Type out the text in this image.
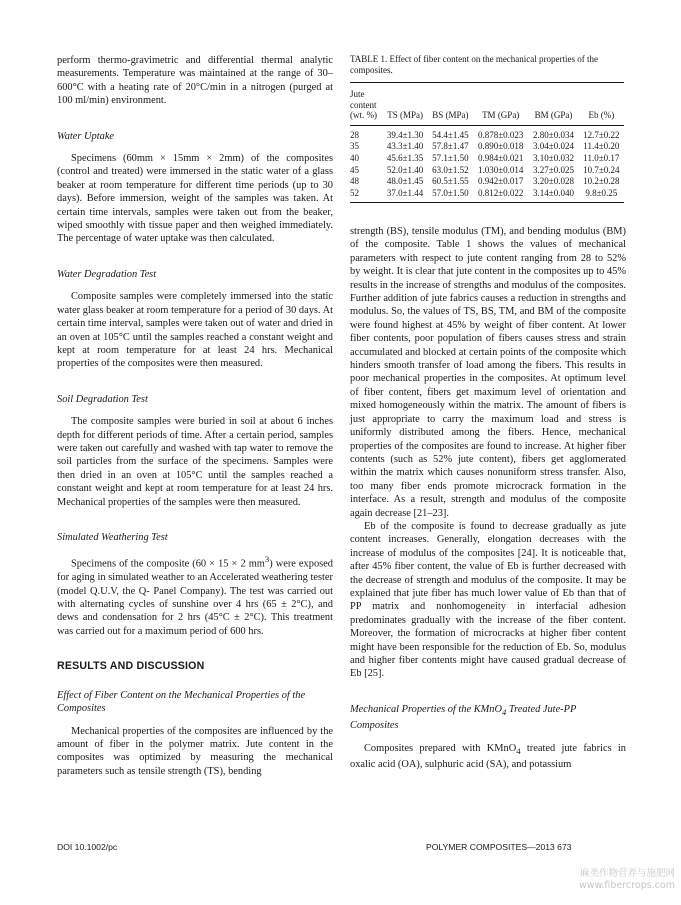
perform thermo-gravimetric and differential thermal analytic measurements. Temperature was maintained at the range of 30–600°C with a heating rate of 20°C/min in a nitrogen (purged at 100 ml/min) environment.

Water Uptake

Specimens (60mm × 15mm × 2mm) of the composites (control and treated) were immersed in the static water of a glass beaker at room temperature for different time periods (up to 30 days). Before immersion, weight of the samples was taken. At certain time intervals, samples were taken out from the beaker, wiped smoothly with tissue paper and then weighed immediately. The percentage of water uptake was then calculated.

Water Degradation Test

Composite samples were completely immersed into the static water glass beaker at room temperature for a period of 30 days. At certain time interval, samples were taken out of water and dried in an oven at 105°C until the samples reached a constant weight and kept at room temperature for at least 24 hrs. Mechanical properties of the composites were then measured.

Soil Degradation Test

The composite samples were buried in soil at about 6 inches depth for different periods of time. After a certain period, samples were taken out carefully and washed with tap water to remove the soil particles from the surface of the specimens. Samples were then dried in an oven at 105°C until the samples reached a constant weight and kept at room temperature for at least 24 hrs. Mechanical properties of the samples were then measured.

Simulated Weathering Test

Specimens of the composite (60 × 15 × 2 $mm^3$) were exposed for aging in simulated weather to an Accelerated weathering tester (model Q.U.V, the Q- Panel Company). The test was carried out with alternating cycles of sunshine over 4 hrs (65 ± 2°C), and dews and condensation for 2 hrs (45°C ± 2°C). This treatment was carried out for a maximum period of 600 hrs.

RESULTS AND DISCUSSION

Effect of Fiber Content on the Mechanical Properties of the Composites

Mechanical properties of the composites are influenced by the amount of fiber in the polymer matrix. Jute content in the composites was optimized by measuring the mechanical parameters such as tensile strength (TS), bending

TABLE 1. Effect of fiber content on the mechanical properties of the composites.

Jute
content
(wt. %)	TS (MPa)	BS (MPa)	TM (GPa)	BM (GPa)	Eb (%)
28	39.4±1.30	54.4±1.45	0.878±0.023	2.80±0.034	12.7±0.22
35	43.3±1.40	57.8±1.47	0.890±0.018	3.04±0.024	11.4±0.20
40	45.6±1.35	57.1±1.50	0.984±0.021	3.10±0.032	11.0±0.17
45	52.0±1.40	63.0±1.52	1.030±0.014	3.27±0.025	10.7±0.24
48	48.0±1.45	60.5±1.55	0.942±0.017	3.20±0.028	10.2±0.28
52	37.0±1.44	57.0±1.50	0.812±0.022	3.14±0.040	9.8±0.25

strength (BS), tensile modulus (TM), and bending modulus (BM) of the composite. Table 1 shows the values of mechanical parameters with respect to jute content ranging from 28 to 52% by weight. It is clear that jute content in the composites up to 45% results in the increase of strengths and modulus of the composites. Further addition of jute fabrics causes a reduction in strengths and modulus. So, the values of TS, BS, TM, and BM of the composite were found highest at 45% by weight of fiber content. At lower fiber contents, poor population of fibers causes stress and strain accumulated and blocked at certain points of the composite which hinders smooth transfer of load among the fibers. This results in poor mechanical properties in the composites. At optimum level of fiber content, fibers get maximum level of orientation and mixed homogeneously within the matrix. The amount of fibers is just appropriate to carry the maximum load and stress is uniformly distributed among the fibers. Hence, mechanical properties of the composites are found to increase. At higher fiber contents (such as 52% jute content), fibers get agglomerated within the matrix which causes nonuniform stress transfer. Also, too many fiber ends promote microcrack formation in the interface. As a result, strength and modulus of the composite again decrease [21–23].

Eb of the composite is found to decrease gradually as jute content increases. Generally, elongation decreases with the increase of modulus of the composites [24]. It is noticeable that, after 45% fiber content, the value of Eb is further decreased with the decrease of strength and modulus of the composite. It may be explained that jute fiber has much lower value of Eb than that of PP matrix and nonhomogeneity in interfacial adhesion predominates gradually with the increase of the fiber content. Moreover, the formation of microcracks at higher fiber content might have been responsible for the reduction of Eb. So, modulus and higher fiber contents might have caused gradual decrease of Eb [25].

Mechanical Properties of the KMnO$_4$ Treated Jute-PP Composites

Composites prepared with KMnO$_4$ treated jute fabrics in oxalic acid (OA), sulphuric acid (SA), and potassium

DOI 10.1002/pc	POLYMER COMPOSITES—2013 673
麻类作物营养与施肥网
www.fibercrops.com
